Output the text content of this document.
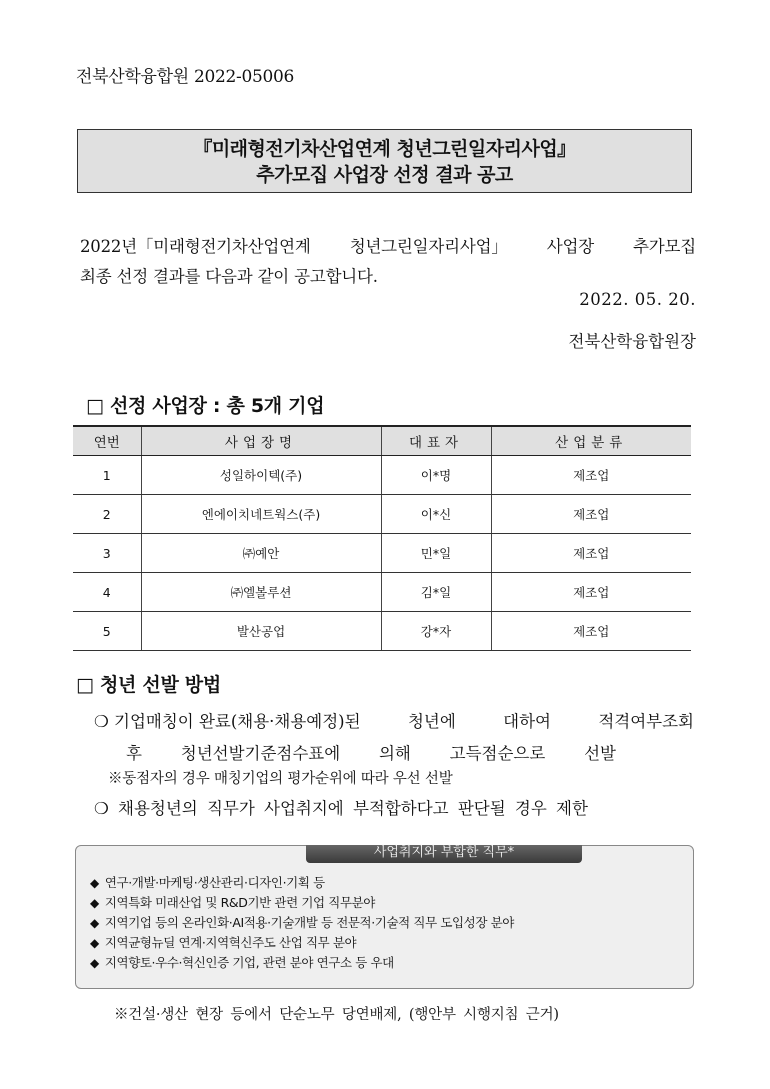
전북산학융합원 2022-05006
『미래형전기차산업연계 청년그린일자리사업』
추가모집 사업장 선정 결과 공고
2022년「미래형전기차산업연계 청년그린일자리사업」 사업장 추가모집
최종 선정 결과를 다음과 같이 공고합니다.
2022. 05. 20.
전북산학융합원장
□ 선정 사업장 : 총 5개 기업
연번	사업장명	대표자	산업분류
1	성일하이텍(주)	이*명	제조업
2	엔에이치네트웍스(주)	이*신	제조업
3	㈜예안	민*일	제조업
4	㈜엘볼루션	김*일	제조업
5	발산공업	강*자	제조업
□ 청년 선발 방법
❍ 기업매칭이 완료(채용·채용예정)된	청년에	대하여	적격여부조회
후 청년선발기준점수표에 의해 고득점순으로 선발
※동점자의 경우 매칭기업의 평가순위에 따라 우선 선발
❍ 채용청년의 직무가 사업취지에 부적합하다고 판단될 경우 제한
사업취지와 부합한 직무*
◆ 연구·개발·마케팅·생산관리·디자인·기획 등
◆ 지역특화 미래산업 및 R&D기반 관련 기업 직무분야
◆ 지역기업 등의 온라인화·AI적용·기술개발 등 전문적·기술적 직무 도입성장 분야
◆ 지역균형뉴딜 연계·지역혁신주도 산업 직무 분야
◆ 지역향토·우수·혁신인증 기업, 관련 분야 연구소 등 우대
※건설·생산 현장 등에서 단순노무 당연배제, (행안부 시행지침 근거)
